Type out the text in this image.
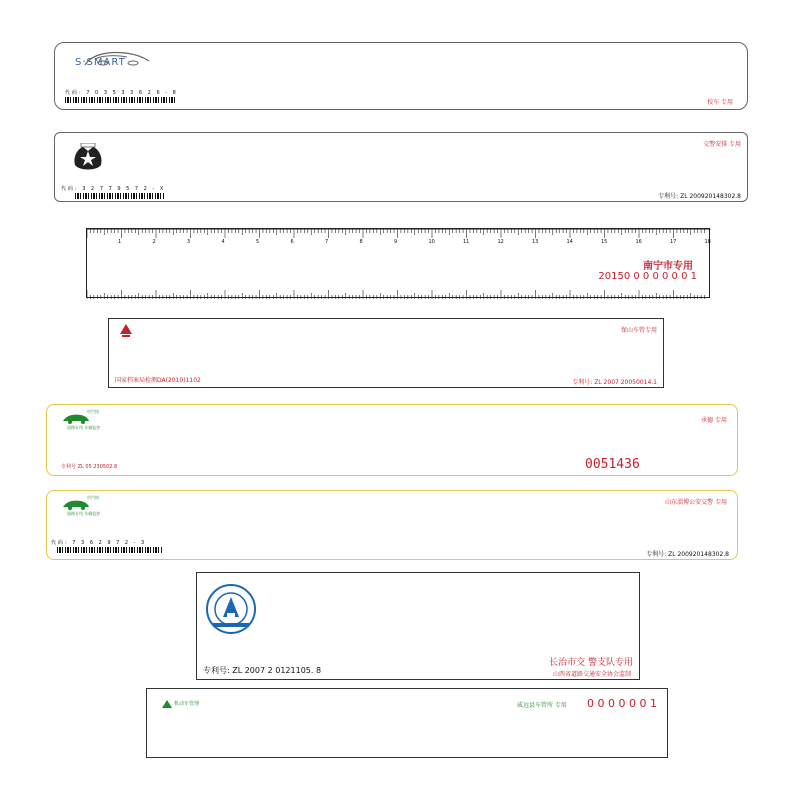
S·SMART
代码: 7 0 3 5 3 3 6 2 6 - 8
校车 专用
交警安排 专用
代码: 3 2 7 7 9 5 7 2 - X
专利号: ZL 200920148302.8
1	2	3	4	5	6	7	8	9	10	11	12	13	14	15	16	17	18
南宁市专用
20150 0 0 0 0 0 0 1
保山车管专用
国家档案局检测DA(2010)1102	专利号: ZL 2007 20050014.1
中汽协
道路专用 车辆监控
承德 专用
专利号 ZL 05 230502.8	0051436
中汽协
道路专用 车辆监控
山东淄博公安交警 专用
代码: 7 3 6 2 9 7 2 - 3
专利号: ZL 200920148302.8
专利号: ZL 2007 2 0121105. 8
长治市交 警支队专用
山西省道路交通安全协会监制
机动车管理	威远县车管所 专用 0 0 0 0 0 0 1
